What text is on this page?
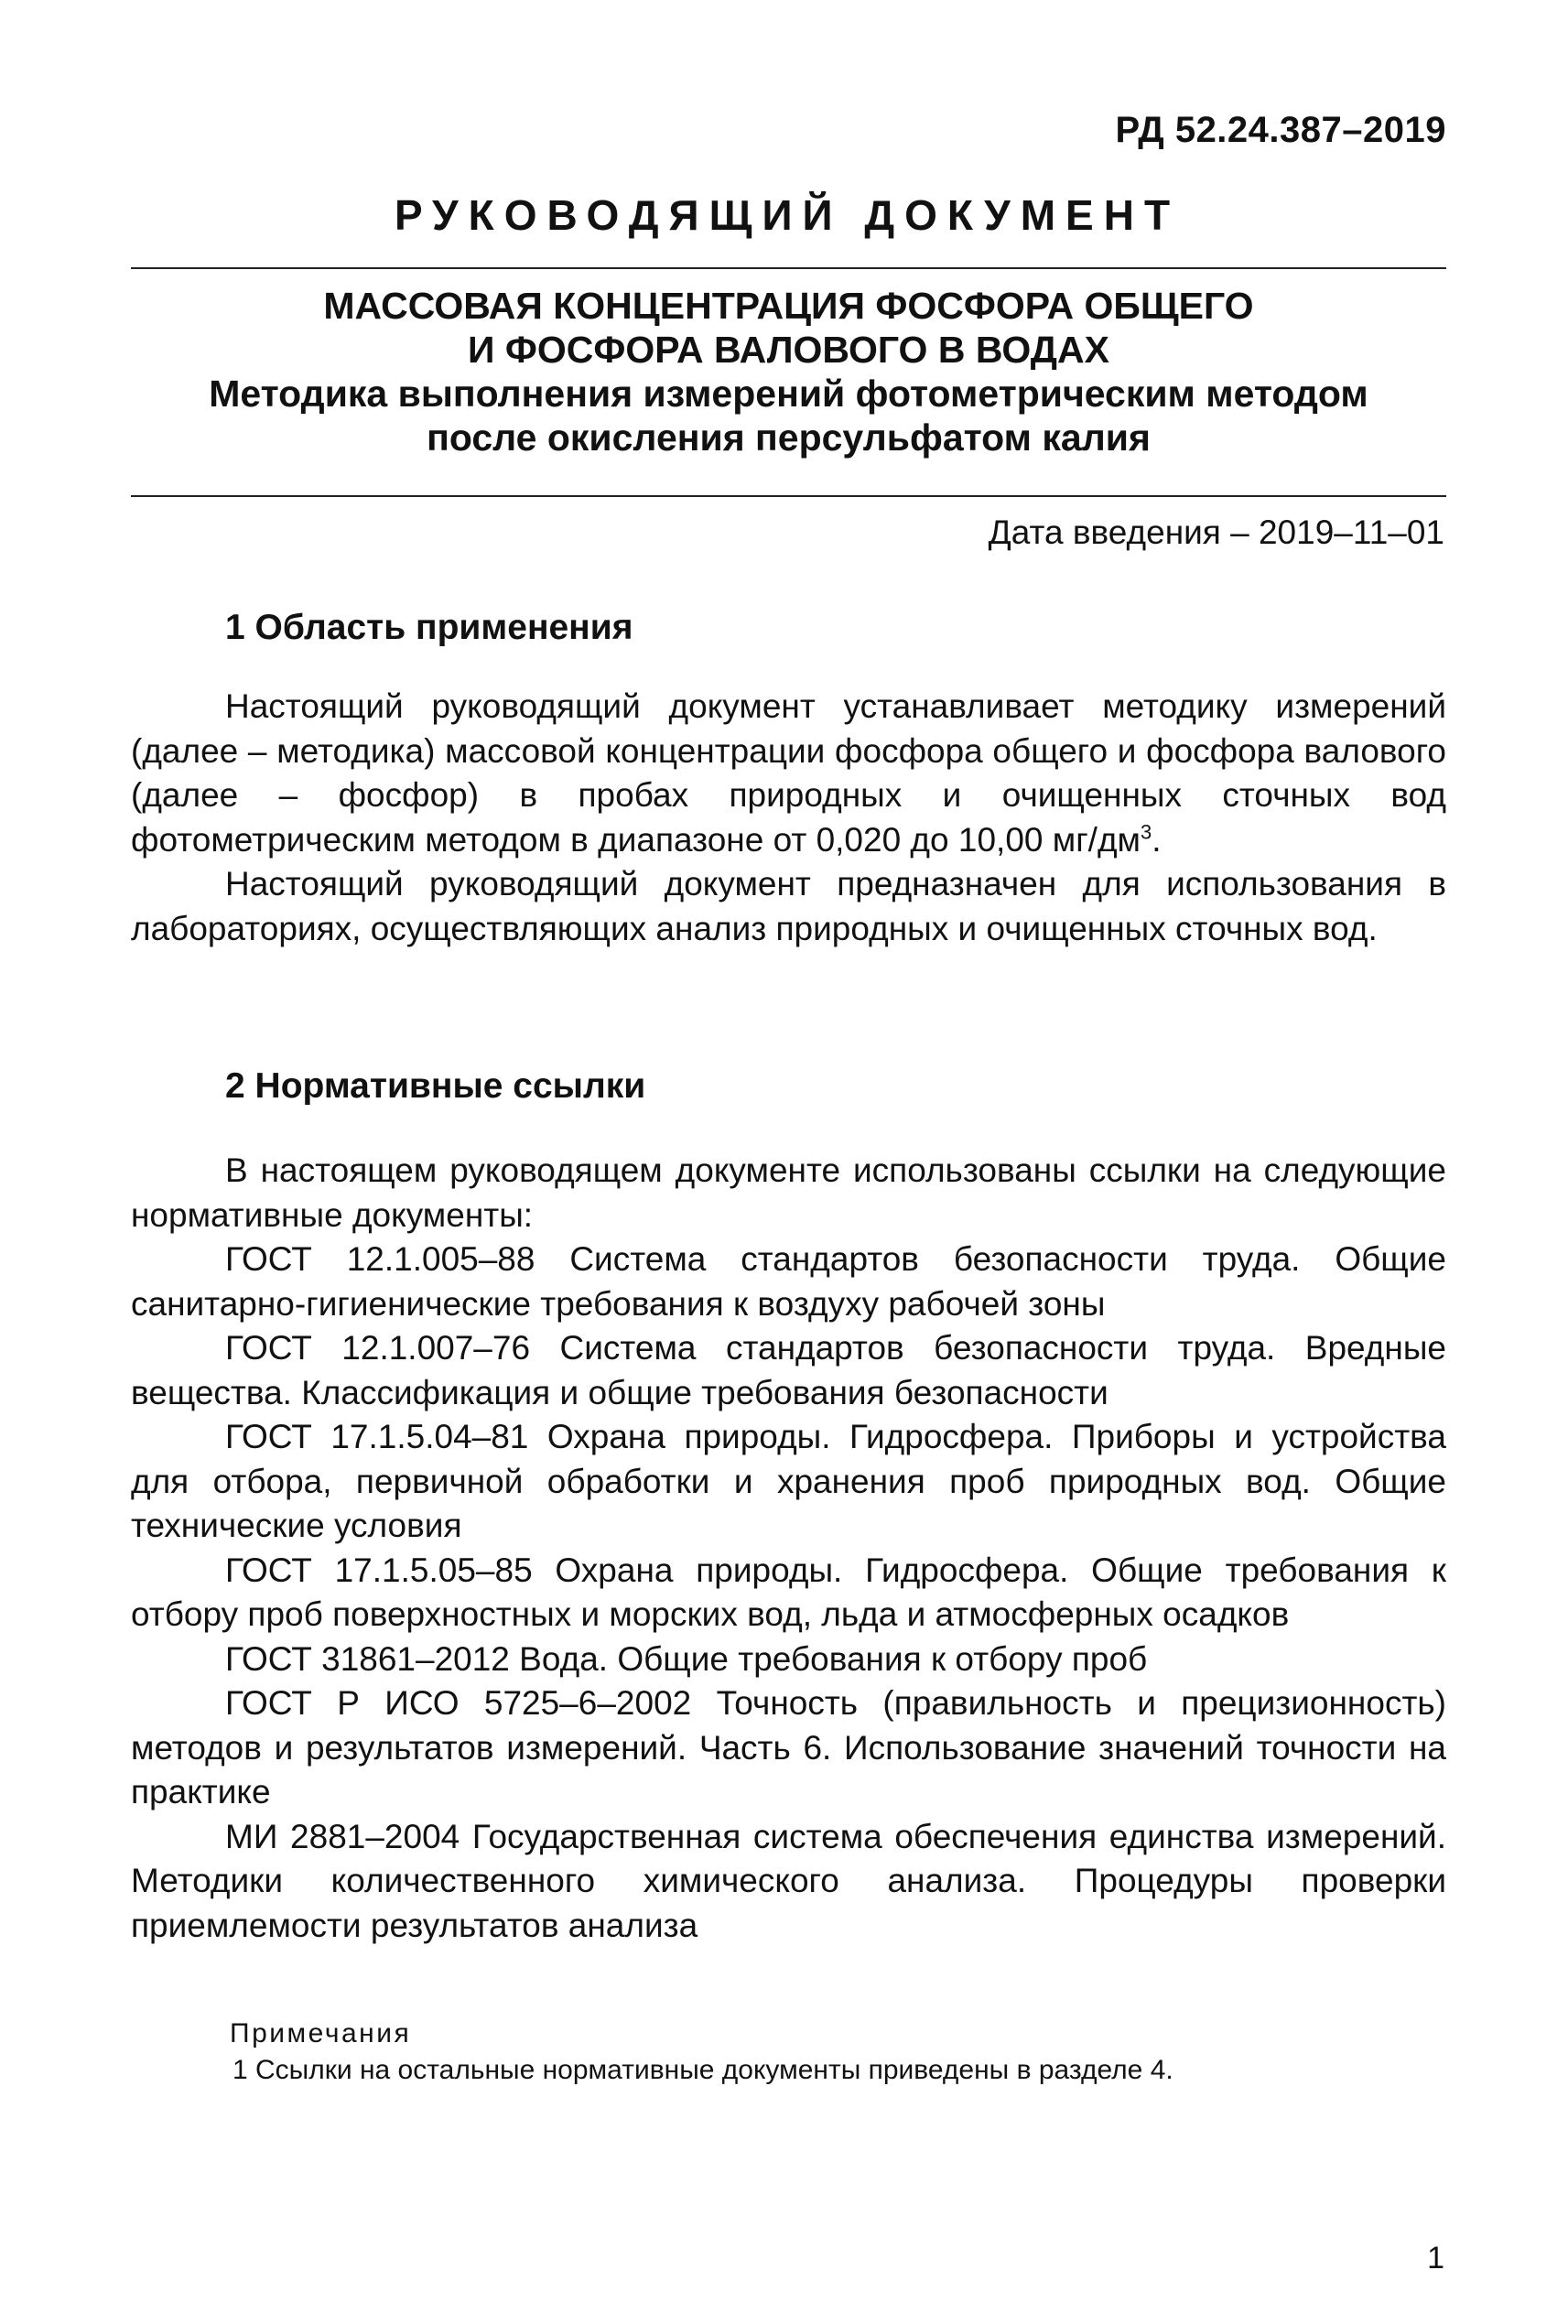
РД 52.24.387–2019
РУКОВОДЯЩИЙ ДОКУМЕНТ
МАССОВАЯ КОНЦЕНТРАЦИЯ ФОСФОРА ОБЩЕГО
И ФОСФОРА ВАЛОВОГО В ВОДАХ
Методика выполнения измерений фотометрическим методом
после окисления персульфатом калия
Дата введения – 2019–11–01
1 Область применения

Настоящий руководящий документ устанавливает методику измерений (далее – методика) массовой концентрации фосфора общего и фосфора валового (далее – фосфор) в пробах природных и очищенных сточных вод фотометрическим методом в диапазоне от 0,020 до 10,00 $мг/дм^3$.

Настоящий руководящий документ предназначен для использования в лабораториях, осуществляющих анализ природных и очищенных сточных вод.

2 Нормативные ссылки

В настоящем руководящем документе использованы ссылки на следующие нормативные документы:

ГОСТ 12.1.005–88 Система стандартов безопасности труда. Общие санитарно-гигиенические требования к воздуху рабочей зоны

ГОСТ 12.1.007–76 Система стандартов безопасности труда. Вредные вещества. Классификация и общие требования безопасности

ГОСТ 17.1.5.04–81 Охрана природы. Гидросфера. Приборы и устройства для отбора, первичной обработки и хранения проб природных вод. Общие технические условия

ГОСТ 17.1.5.05–85 Охрана природы. Гидросфера. Общие требования к отбору проб поверхностных и морских вод, льда и атмосферных осадков

ГОСТ 31861–2012 Вода. Общие требования к отбору проб

ГОСТ Р ИСО 5725–6–2002 Точность (правильность и прецизионность) методов и результатов измерений. Часть 6. Использование значений точности на практике

МИ 2881–2004 Государственная система обеспечения единства измерений. Методики количественного химического анализа. Процедуры проверки приемлемости результатов анализа

Примечания
1 Ссылки на остальные нормативные документы приведены в разделе 4.
1
